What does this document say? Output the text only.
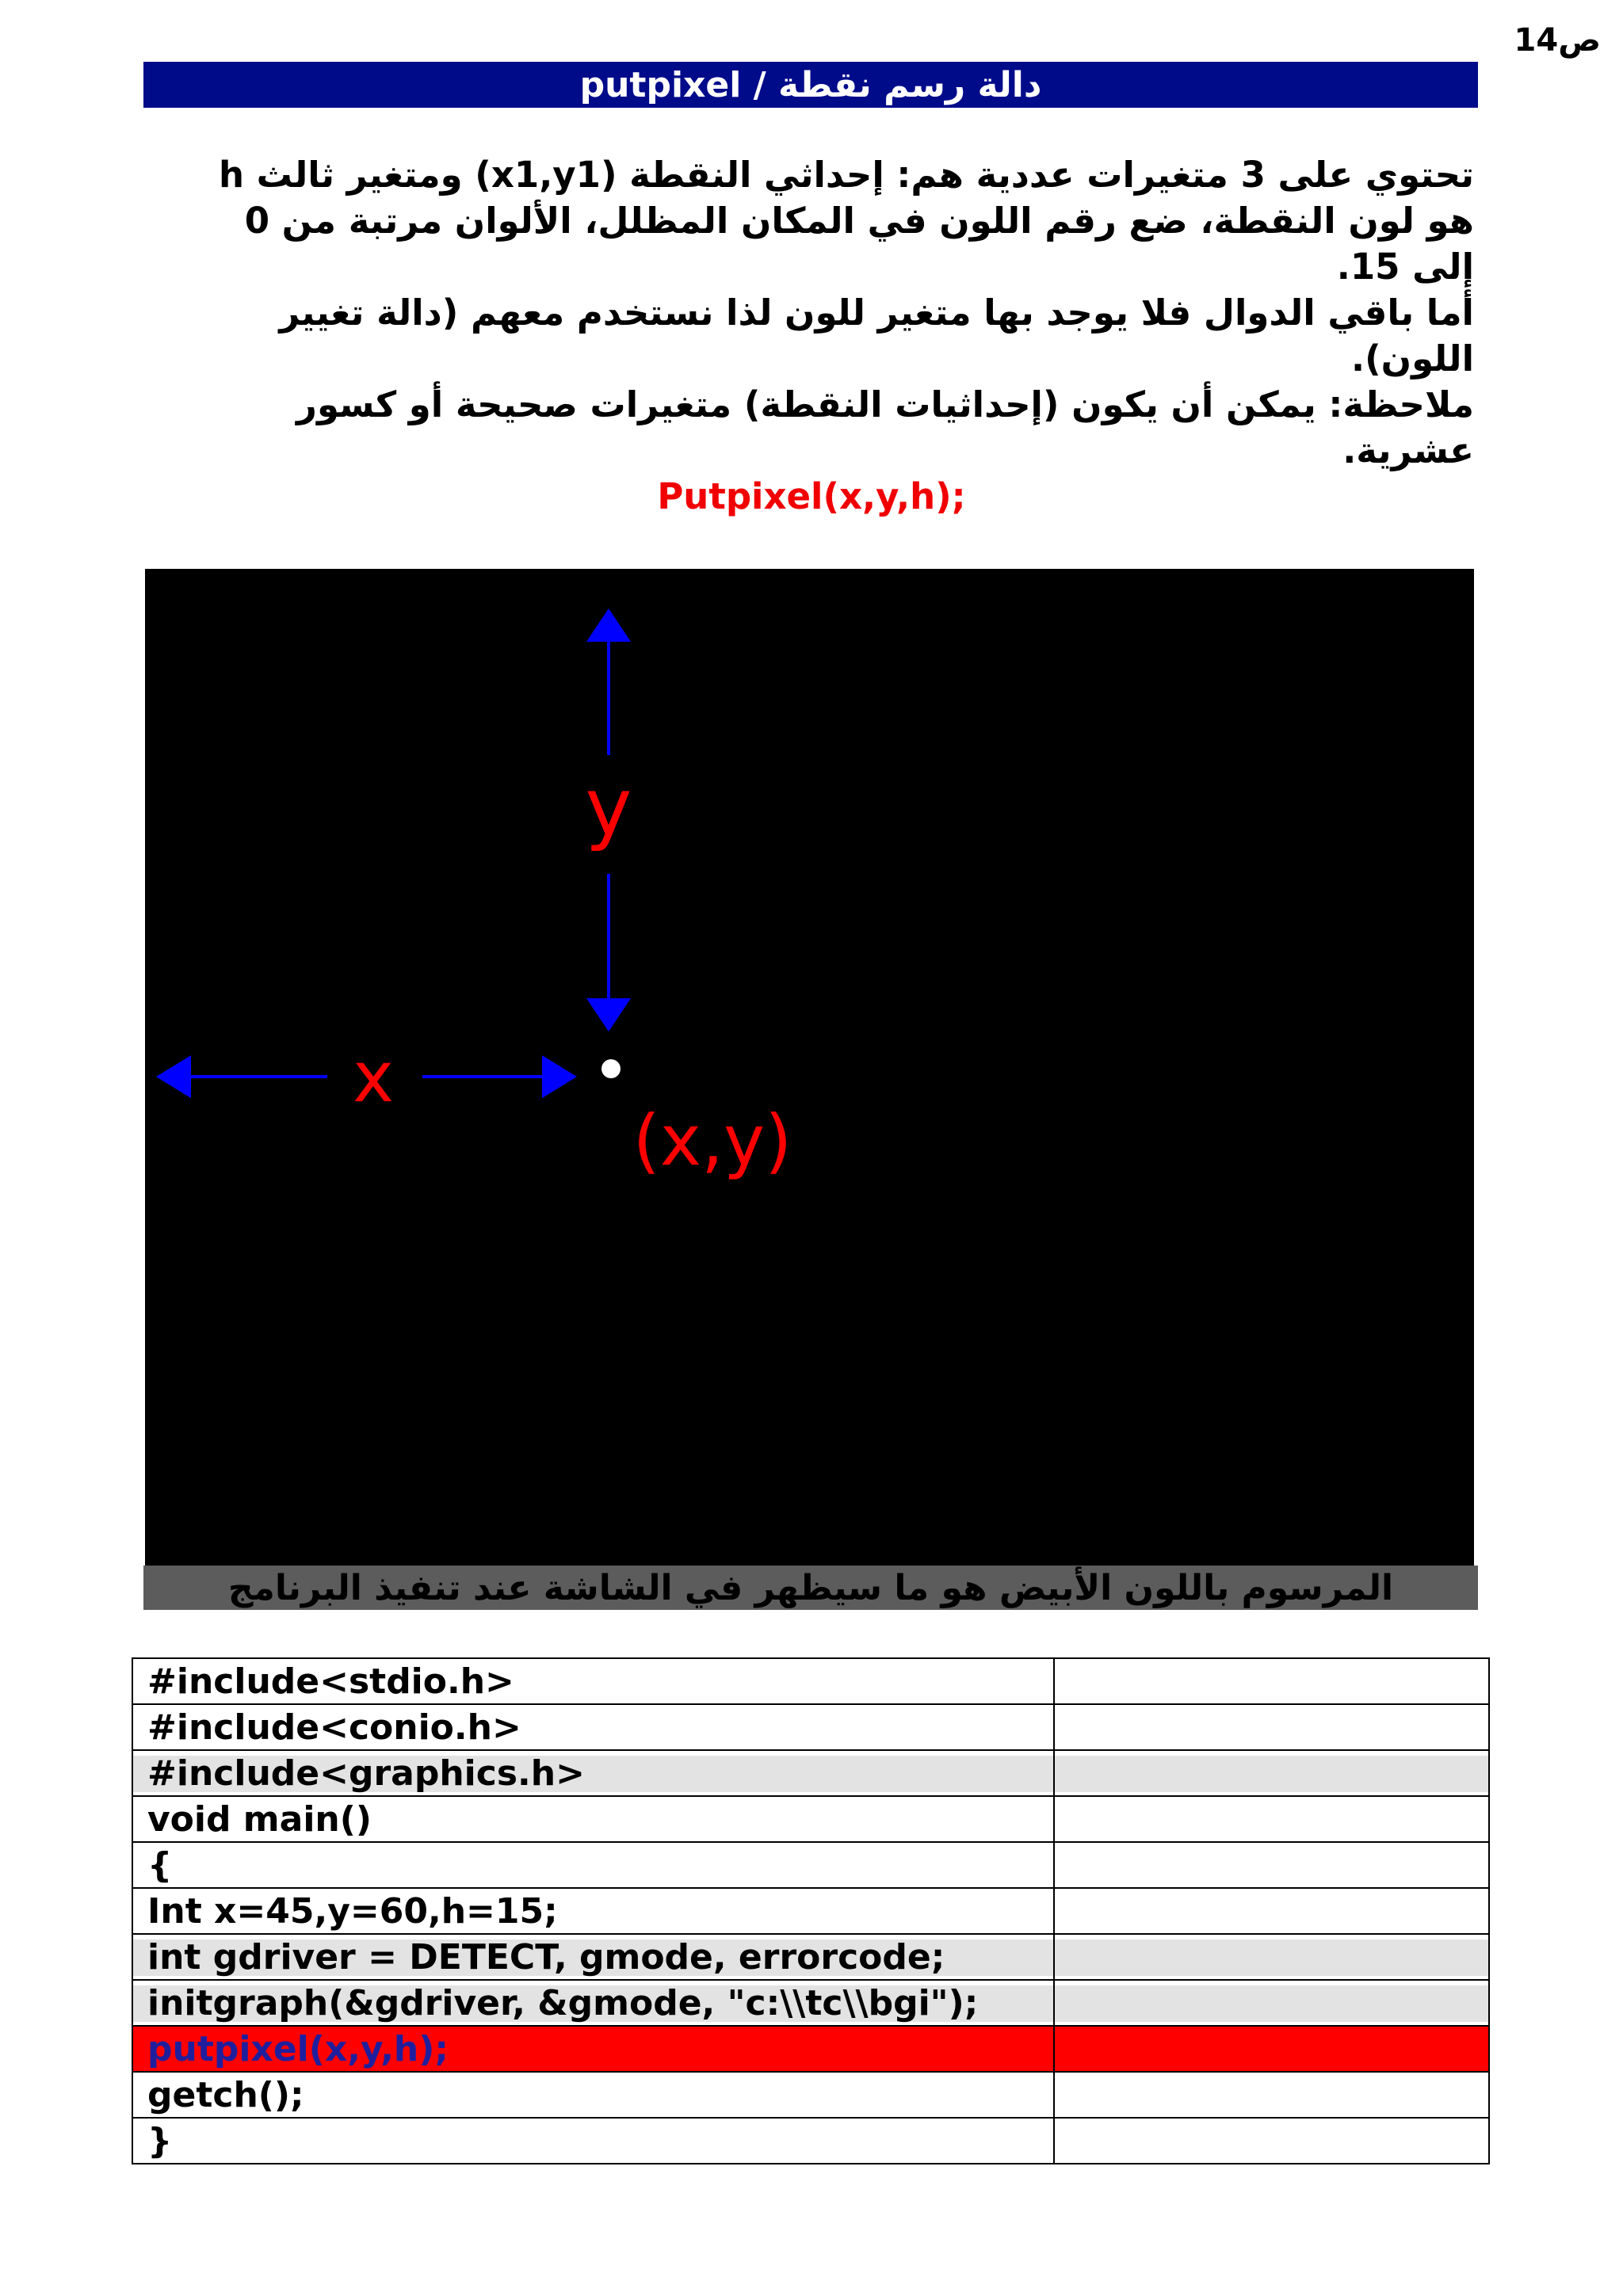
ص14
دالة رسم نقطة / putpixel

تحتوي على 3 متغيرات عددية هم: إحداثي النقطة (x1,y1) ومتغير ثالث h هو لون النقطة، ضع رقم اللون في المكان المظلل، الألوان مرتبة من 0 إلى 15.

أما باقي الدوال فلا يوجد بها متغير للون لذا نستخدم معهم (دالة تغيير اللون).

ملاحظة: يمكن أن يكون (إحداثيات النقطة) متغيرات صحيحة أو كسور عشرية.

Putpixel(x,y,h);
y
x
(x,y)
المرسوم باللون الأبيض هو ما سيظهر في الشاشة عند تنفيذ البرنامج
#include<stdio.h>	
#include<conio.h>	
#include<graphics.h>	
void main()	
{	
Int x=45,y=60,h=15;	
int gdriver = DETECT, gmode, errorcode;	
initgraph(&gdriver, &gmode, "c:\\tc\\bgi");	
putpixel(x,y,h);	
getch();	
}	
